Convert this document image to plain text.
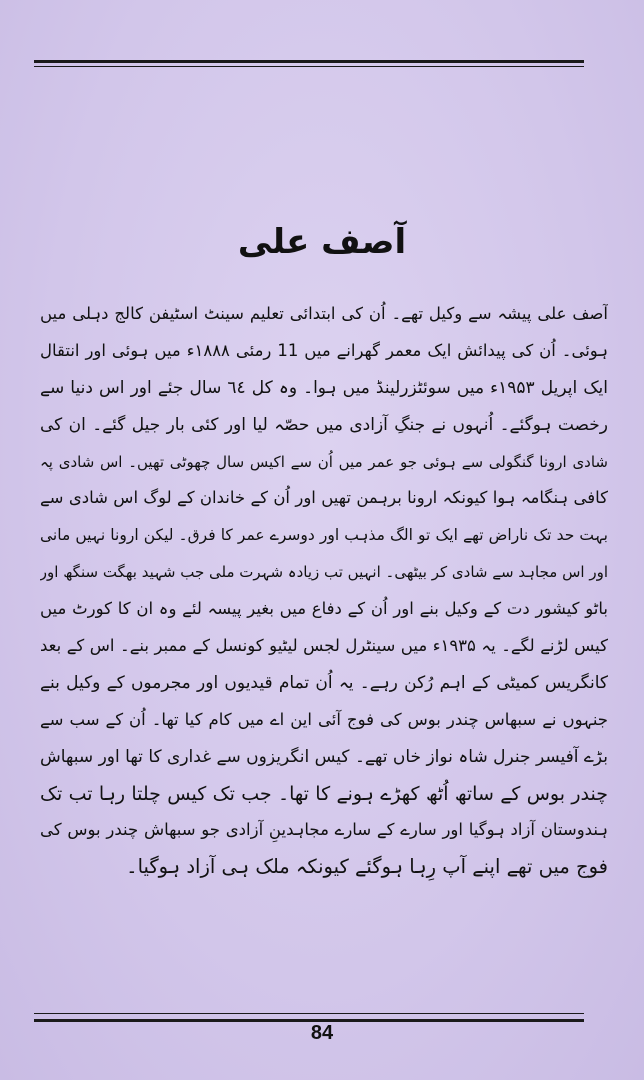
آصف علی
آصف علی پیشہ سے وکیل تھے۔ اُن کی ابتدائی تعلیم سینٹ اسٹیفن کالج دہلی میں
ہوئی۔ اُن کی پیدائش ایک معمر گھرانے میں 11 رمئی ۱۸۸۸ء میں ہوئی اور انتقال
ایک اپریل ۱۹۵۳ء میں سوئٹزرلینڈ میں ہوا۔ وہ کل ٦٤ سال جئے اور اس دنیا سے
رخصت ہوگئے۔ اُنہوں نے جنگِ آزادی میں حصّہ لیا اور کئی بار جیل گئے۔ ان کی
شادی ارونا گنگولی سے ہوئی جو عمر میں اُن سے اکیس سال چھوٹی تھیں۔ اس شادی پہ
کافی ہنگامہ ہوا کیونکہ ارونا برہمن تھیں اور اُن کے خاندان کے لوگ اس شادی سے
بہت حد تک ناراض تھے ایک تو الگ مذہب اور دوسرے عمر کا فرق۔ لیکن ارونا نہیں مانی
اور اس مجاہد سے شادی کر بیٹھی۔ انہیں تب زیادہ شہرت ملی جب شہید بھگت سنگھ اور
باٹو کیشور دت کے وکیل بنے اور اُن کے دفاع میں بغیر پیسہ لئے وہ ان کا کورٹ میں
کیس لڑنے لگے۔ یہ ۱۹۳۵ء میں سینٹرل لجس لیٹیو کونسل کے ممبر بنے۔ اس کے بعد
کانگریس کمیٹی کے اہم رُکن رہے۔ یہ اُن تمام قیدیوں اور مجرموں کے وکیل بنے
جنہوں نے سبھاس چندر بوس کی فوج آئی این اے میں کام کیا تھا۔ اُن کے سب سے
بڑے آفیسر جنرل شاہ نواز خاں تھے۔ کیس انگریزوں سے غداری کا تھا اور سبھاش
چندر بوس کے ساتھ اُٹھ کھڑے ہونے کا تھا۔ جب تک کیس چلتا رہا تب تک
ہندوستان آزاد ہوگیا اور سارے کے سارے مجاہدینِ آزادی جو سبھاش چندر بوس کی
فوج میں تھے اپنے آپ رِہا ہوگئے کیونکہ ملک ہی آزاد ہوگیا۔
84
